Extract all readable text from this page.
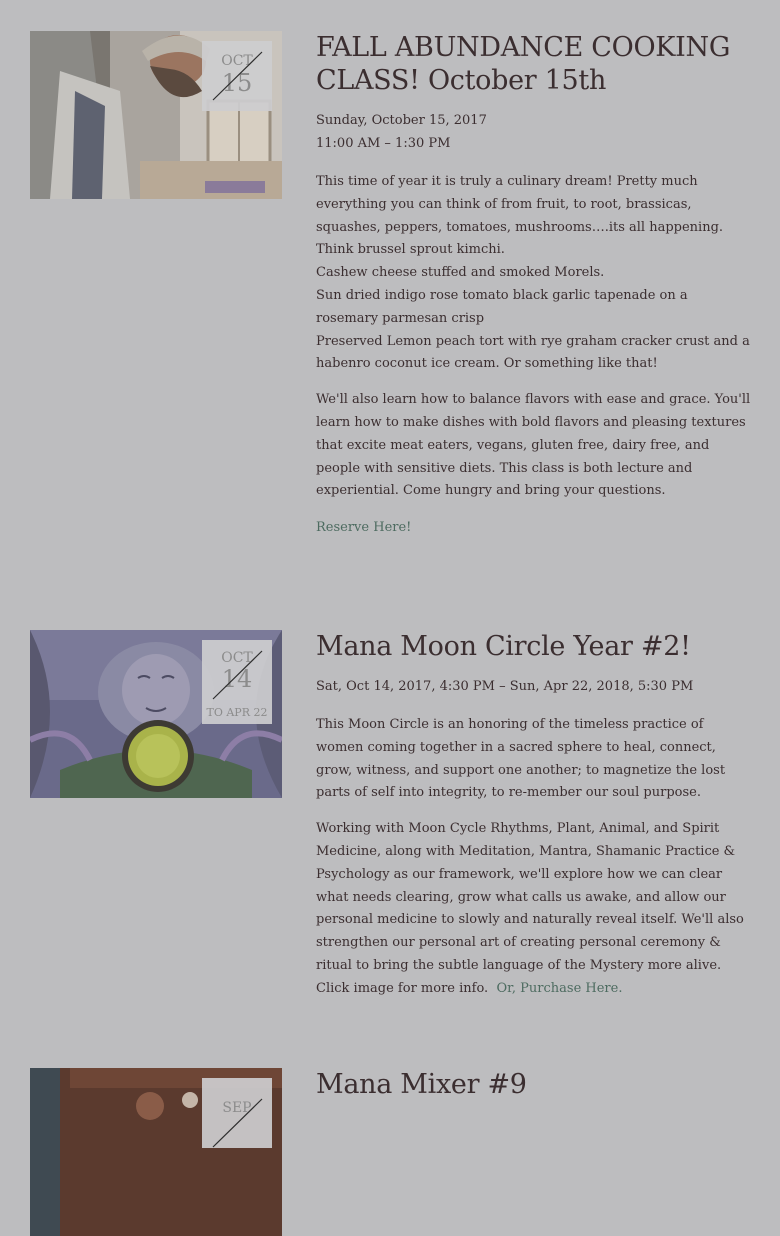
OCT
15
FALL ABUNDANCE COOKING CLASS! October 15th
Sunday, October 15, 2017
11:00 AM – 1:30 PM

This time of year it is truly a culinary dream! Pretty much everything you can think of from fruit, to root, brassicas, squashes, peppers, tomatoes, mushrooms….its all happening.

Think brussel sprout kimchi.

Cashew cheese stuffed and smoked Morels.

Sun dried indigo rose tomato black garlic tapenade on a rosemary parmesan crisp

Preserved Lemon peach tort with rye graham cracker crust and a habenro coconut ice cream. Or something like that!

We'll also learn how to balance flavors with ease and grace. You'll learn how to make dishes with bold flavors and pleasing textures that excite meat eaters, vegans, gluten free, dairy free, and people with sensitive diets. This class is both lecture and experiential. Come hungry and bring your questions.

Reserve Here!
OCT
14
TO APR 22
Mana Moon Circle Year #2!
Sat, Oct 14, 2017, 4:30 PM – Sun, Apr 22, 2018, 5:30 PM

This Moon Circle is an honoring of the timeless practice of women coming together in a sacred sphere to heal, connect, grow, witness, and support one another; to magnetize the lost parts of self into integrity, to re-member our soul purpose.

Working with Moon Cycle Rhythms, Plant, Animal, and Spirit Medicine, along with Meditation, Mantra, Shamanic Practice & Psychology as our framework, we'll explore how we can clear what needs clearing, grow what calls us awake, and allow our personal medicine to slowly and naturally reveal itself. We'll also strengthen our personal art of creating personal ceremony & ritual to bring the subtle language of the Mystery more alive. Click image for more info. Or, Purchase Here.

SEP
Mana Mixer #9
